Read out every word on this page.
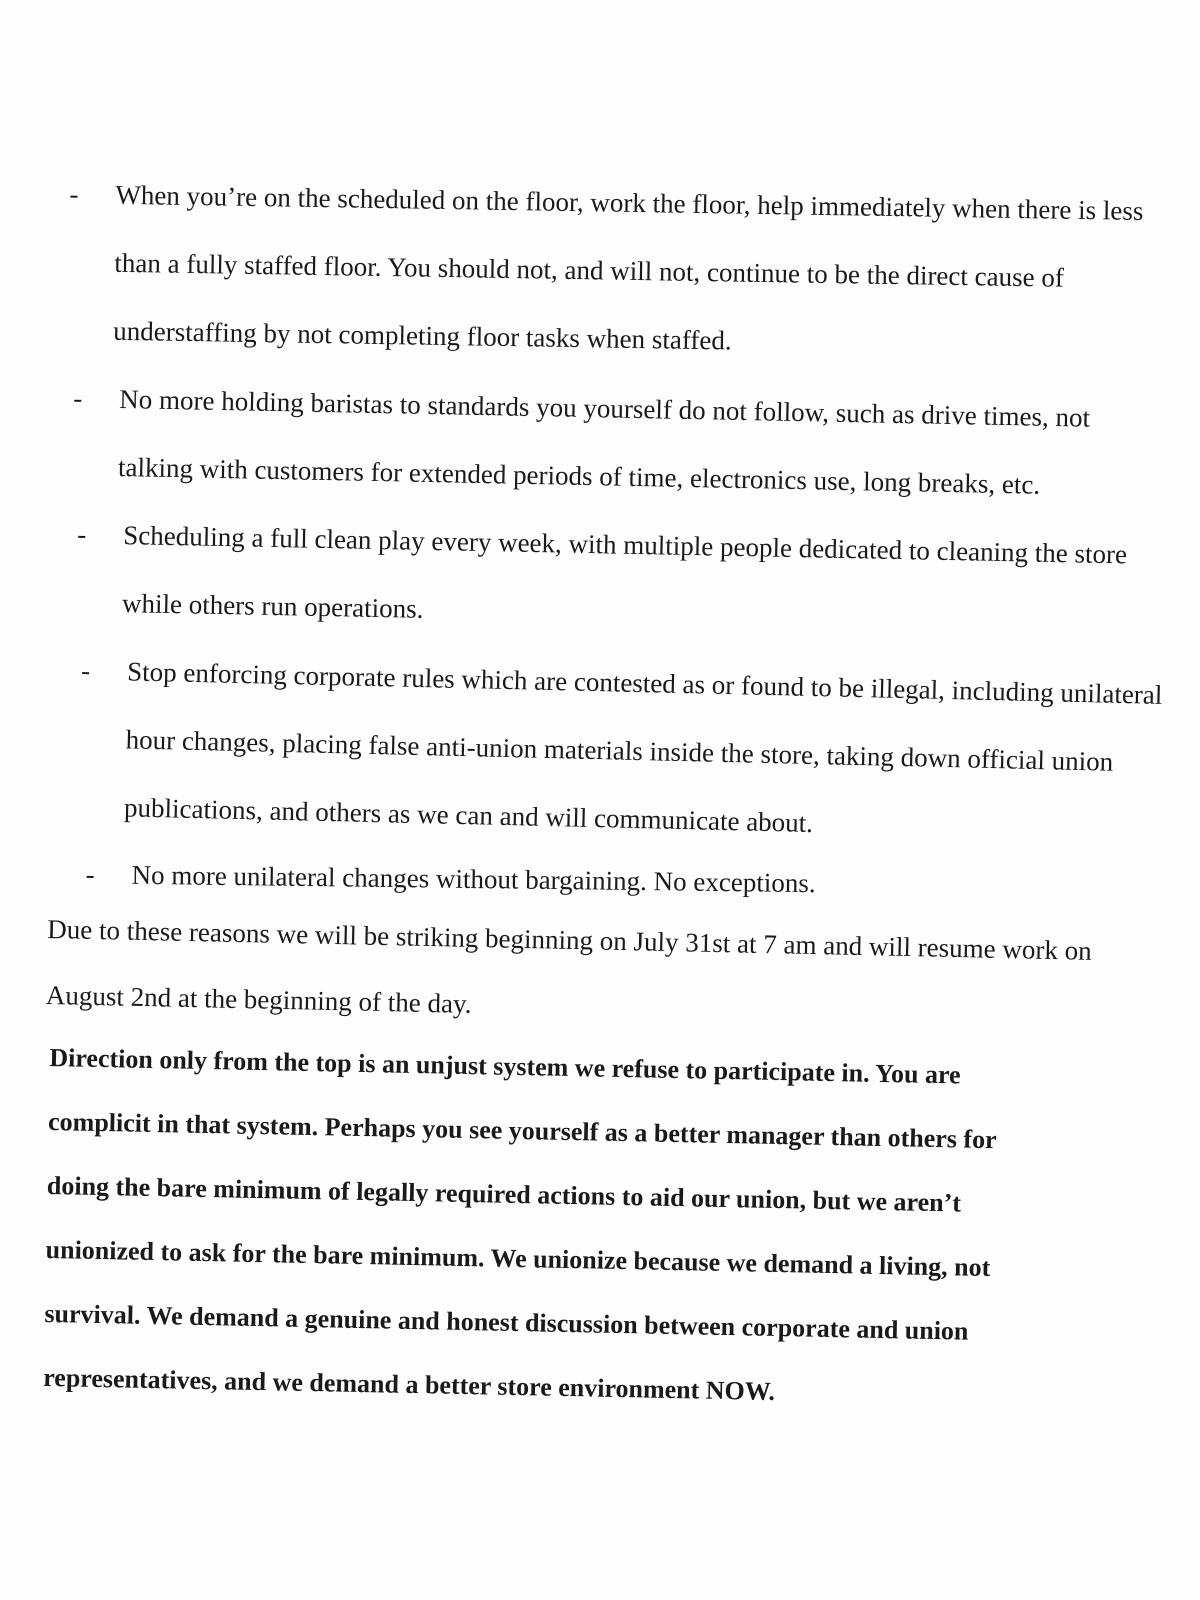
- When you’re on the scheduled on the floor, work the floor, help immediately when there is less than a fully staffed floor. You should not, and will not, continue to be the direct cause of understaffing by not completing floor tasks when staffed.
- No more holding baristas to standards you yourself do not follow, such as drive times, not talking with customers for extended periods of time, electronics use, long breaks, etc.
- Scheduling a full clean play every week, with multiple people dedicated to cleaning the store while others run operations.
- Stop enforcing corporate rules which are contested as or found to be illegal, including unilateral hour changes, placing false anti-union materials inside the store, taking down official union publications, and others as we can and will communicate about.
- No more unilateral changes without bargaining. No exceptions.

Due to these reasons we will be striking beginning on July 31st at 7 am and will resume work on August 2nd at the beginning of the day.

Direction only from the top is an unjust system we refuse to participate in. You are complicit in that system. Perhaps you see yourself as a better manager than others for doing the bare minimum of legally required actions to aid our union, but we aren’t unionized to ask for the bare minimum. We unionize because we demand a living, not survival. We demand a genuine and honest discussion between corporate and union representatives, and we demand a better store environment NOW.
